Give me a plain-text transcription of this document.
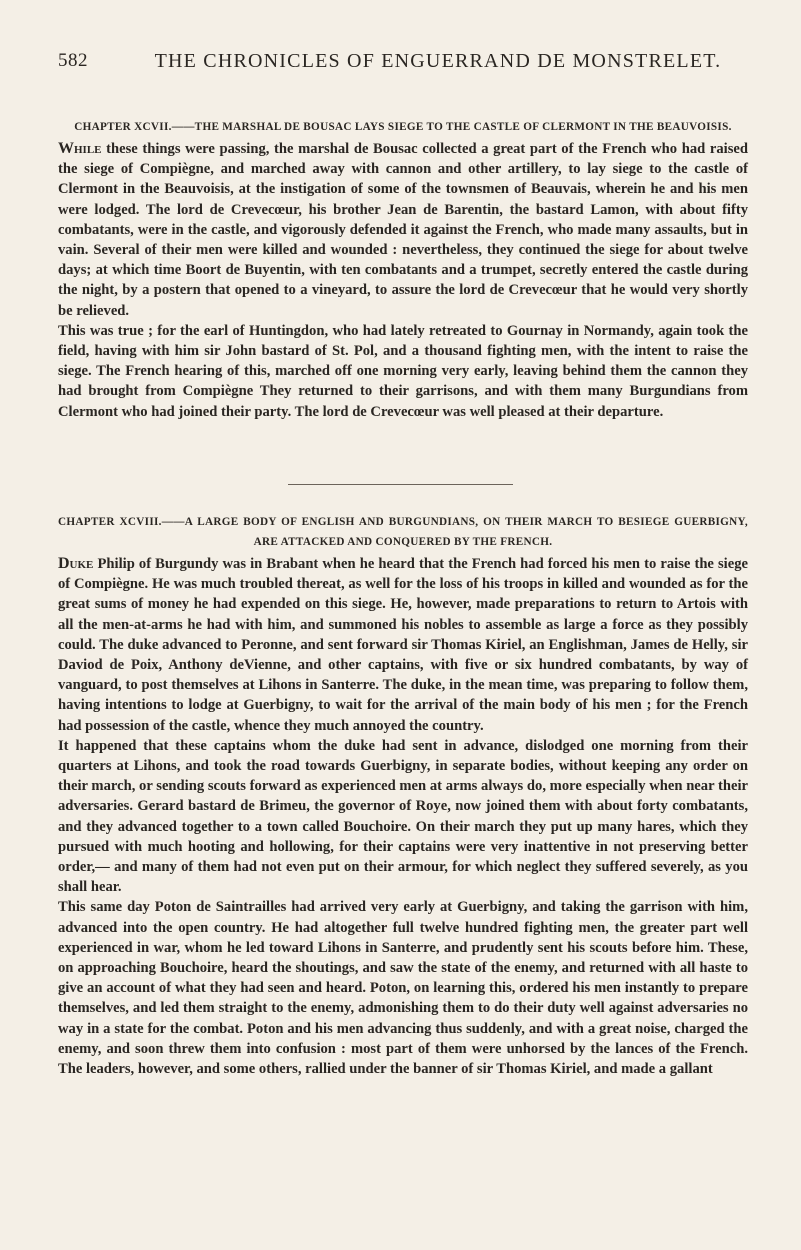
582	THE CHRONICLES OF ENGUERRAND DE MONSTRELET.

CHAPTER XCVII.——THE MARSHAL DE BOUSAC LAYS SIEGE TO THE CASTLE OF CLERMONT IN THE BEAUVOISIS.

While these things were passing, the marshal de Bousac collected a great part of the French who had raised the siege of Compiègne, and marched away with cannon and other artillery, to lay siege to the castle of Clermont in the Beauvoisis, at the instigation of some of the townsmen of Beauvais, wherein he and his men were lodged. The lord de Crevecœur, his brother Jean de Barentin, the bastard Lamon, with about fifty combatants, were in the castle, and vigorously defended it against the French, who made many assaults, but in vain. Several of their men were killed and wounded : nevertheless, they continued the siege for about twelve days; at which time Boort de Buyentin, with ten combatants and a trumpet, secretly entered the castle during the night, by a postern that opened to a vineyard, to assure the lord de Crevecœur that he would very shortly be relieved.

This was true ; for the earl of Huntingdon, who had lately retreated to Gournay in Normandy, again took the field, having with him sir John bastard of St. Pol, and a thousand fighting men, with the intent to raise the siege. The French hearing of this, marched off one morning very early, leaving behind them the cannon they had brought from Compiègne They returned to their garrisons, and with them many Burgundians from Clermont who had joined their party. The lord de Crevecœur was well pleased at their departure.

CHAPTER XCVIII.——A LARGE BODY OF ENGLISH AND BURGUNDIANS, ON THEIR MARCH TO BESIEGE GUERBIGNY, ARE ATTACKED AND CONQUERED BY THE FRENCH.

Duke Philip of Burgundy was in Brabant when he heard that the French had forced his men to raise the siege of Compiègne. He was much troubled thereat, as well for the loss of his troops in killed and wounded as for the great sums of money he had expended on this siege. He, however, made preparations to return to Artois with all the men-at-arms he had with him, and summoned his nobles to assemble as large a force as they possibly could. The duke advanced to Peronne, and sent forward sir Thomas Kiriel, an Englishman, James de Helly, sir Daviod de Poix, Anthony deVienne, and other captains, with five or six hundred combatants, by way of vanguard, to post themselves at Lihons in Santerre. The duke, in the mean time, was preparing to follow them, having intentions to lodge at Guerbigny, to wait for the arrival of the main body of his men ; for the French had possession of the castle, whence they much annoyed the country.

It happened that these captains whom the duke had sent in advance, dislodged one morning from their quarters at Lihons, and took the road towards Guerbigny, in separate bodies, without keeping any order on their march, or sending scouts forward as experienced men at arms always do, more especially when near their adversaries. Gerard bastard de Brimeu, the governor of Roye, now joined them with about forty combatants, and they advanced together to a town called Bouchoire. On their march they put up many hares, which they pursued with much hooting and hollowing, for their captains were very inattentive in not preserving better order,— and many of them had not even put on their armour, for which neglect they suffered severely, as you shall hear.

This same day Poton de Saintrailles had arrived very early at Guerbigny, and taking the garrison with him, advanced into the open country. He had altogether full twelve hundred fighting men, the greater part well experienced in war, whom he led toward Lihons in Santerre, and prudently sent his scouts before him. These, on approaching Bouchoire, heard the shoutings, and saw the state of the enemy, and returned with all haste to give an account of what they had seen and heard. Poton, on learning this, ordered his men instantly to prepare themselves, and led them straight to the enemy, admonishing them to do their duty well against adversaries no way in a state for the combat. Poton and his men advancing thus suddenly, and with a great noise, charged the enemy, and soon threw them into confusion : most part of them were unhorsed by the lances of the French. The leaders, however, and some others, rallied under the banner of sir Thomas Kiriel, and made a gallant
